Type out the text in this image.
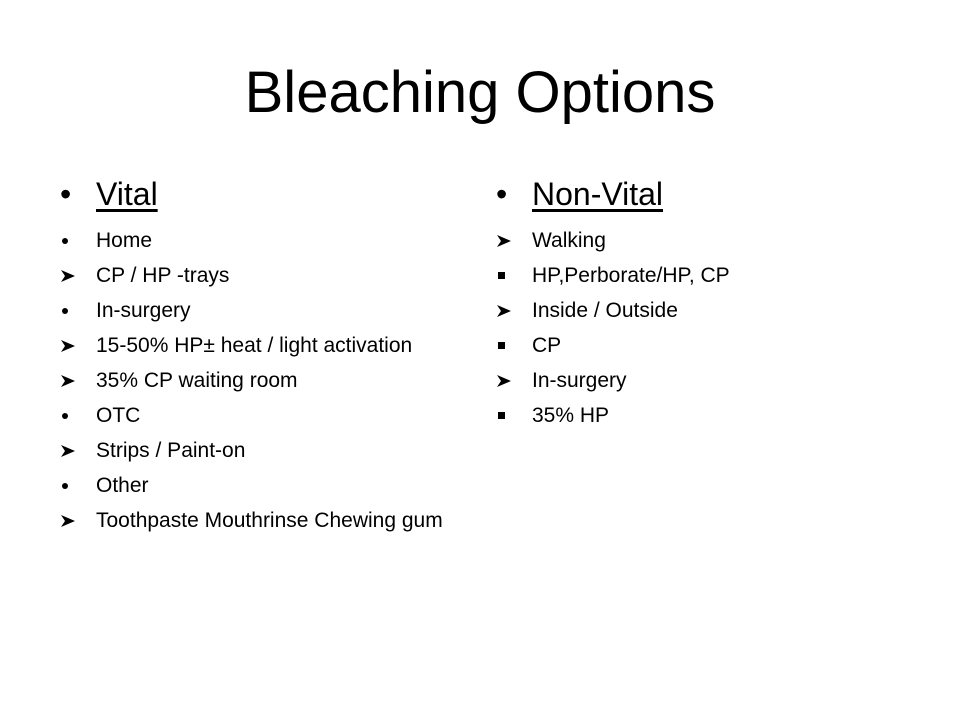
Bleaching Options
• Vital
Home
CP / HP -trays
In-surgery
15-50% HP± heat / light activation
35% CP waiting room
OTC
Strips / Paint-on
Other
Toothpaste Mouthrinse Chewing gum
• Non-Vital
Walking
HP,Perborate/HP, CP
Inside / Outside
CP
In-surgery
35% HP
